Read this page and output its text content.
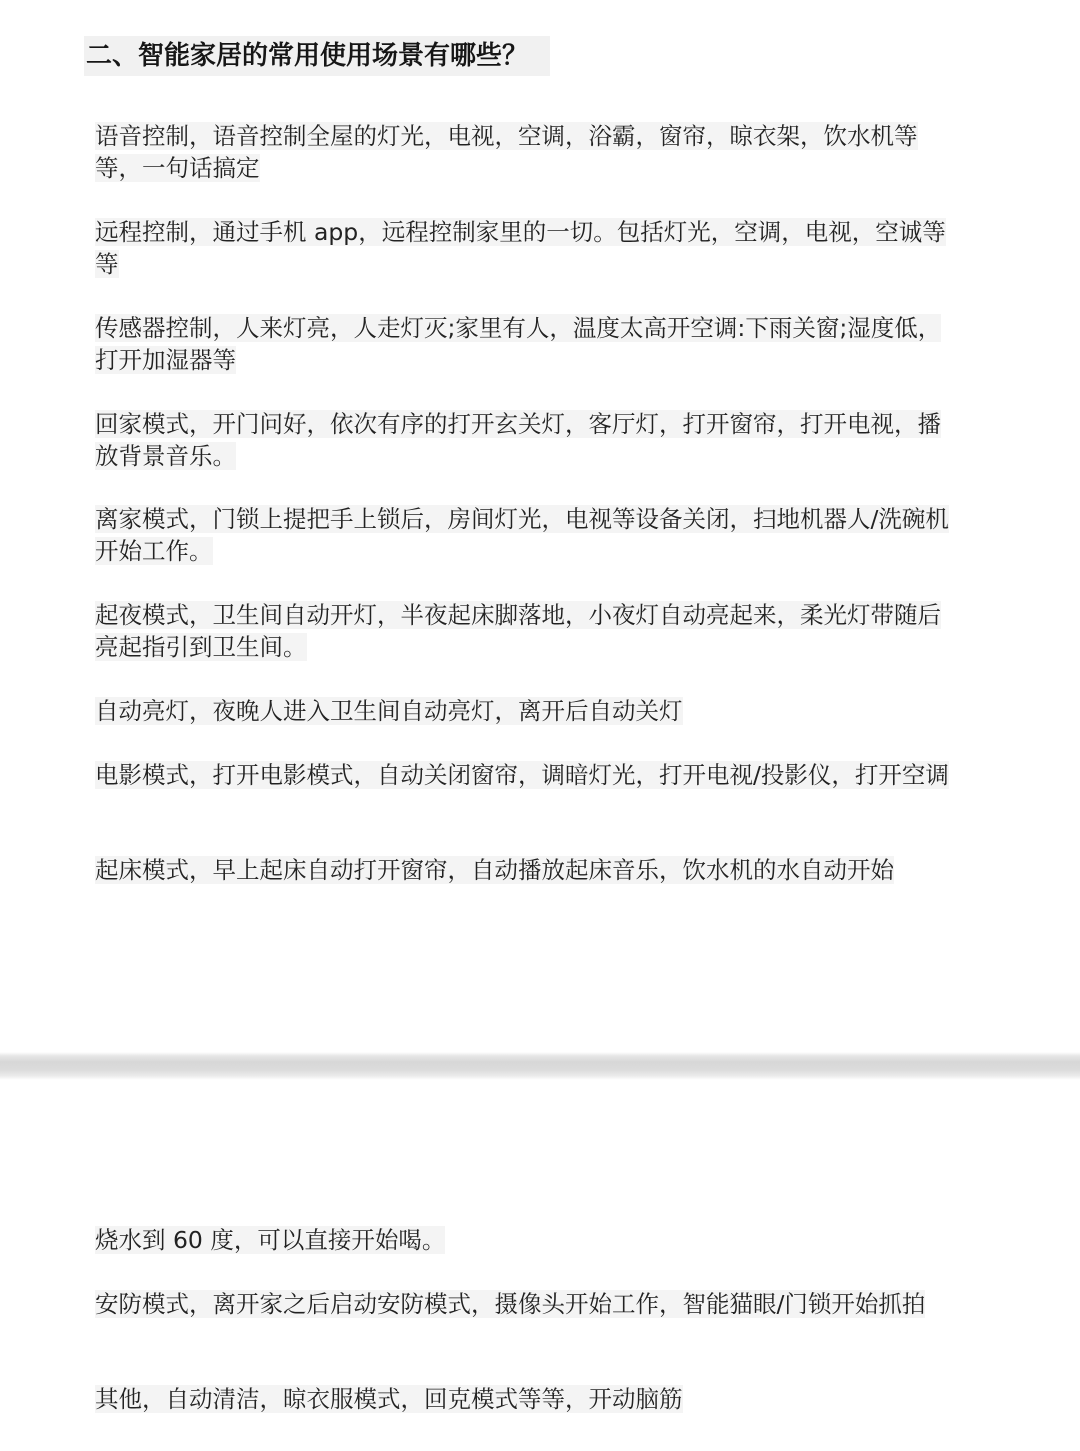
二、智能家居的常用使用场景有哪些？
语音控制，语音控制全屋的灯光，电视，空调，浴霸，窗帘，晾衣架，饮水机等等，一句话搞定
远程控制，通过手机 app，远程控制家里的一切。包括灯光，空调，电视，空诚等等
传感器控制，人来灯亮，人走灯灭;家里有人，温度太高开空调:下雨关窗;湿度低，打开加湿器等
回家模式，开门问好，依次有序的打开玄关灯，客厅灯，打开窗帘，打开电视，播放背景音乐。
离家模式，门锁上提把手上锁后，房间灯光，电视等设备关闭，扫地机器人/洗碗机开始工作。
起夜模式，卫生间自动开灯，半夜起床脚落地，小夜灯自动亮起来，柔光灯带随后亮起指引到卫生间。
自动亮灯，夜晚人进入卫生间自动亮灯，离开后自动关灯
电影模式，打开电影模式，自动关闭窗帘，调暗灯光，打开电视/投影仪，打开空调
起床模式，早上起床自动打开窗帘，自动播放起床音乐，饮水机的水自动开始
烧水到 60 度，可以直接开始喝。
安防模式，离开家之后启动安防模式，摄像头开始工作，智能猫眼/门锁开始抓拍
其他，自动清洁，晾衣服模式，回克模式等等，开动脑筋
